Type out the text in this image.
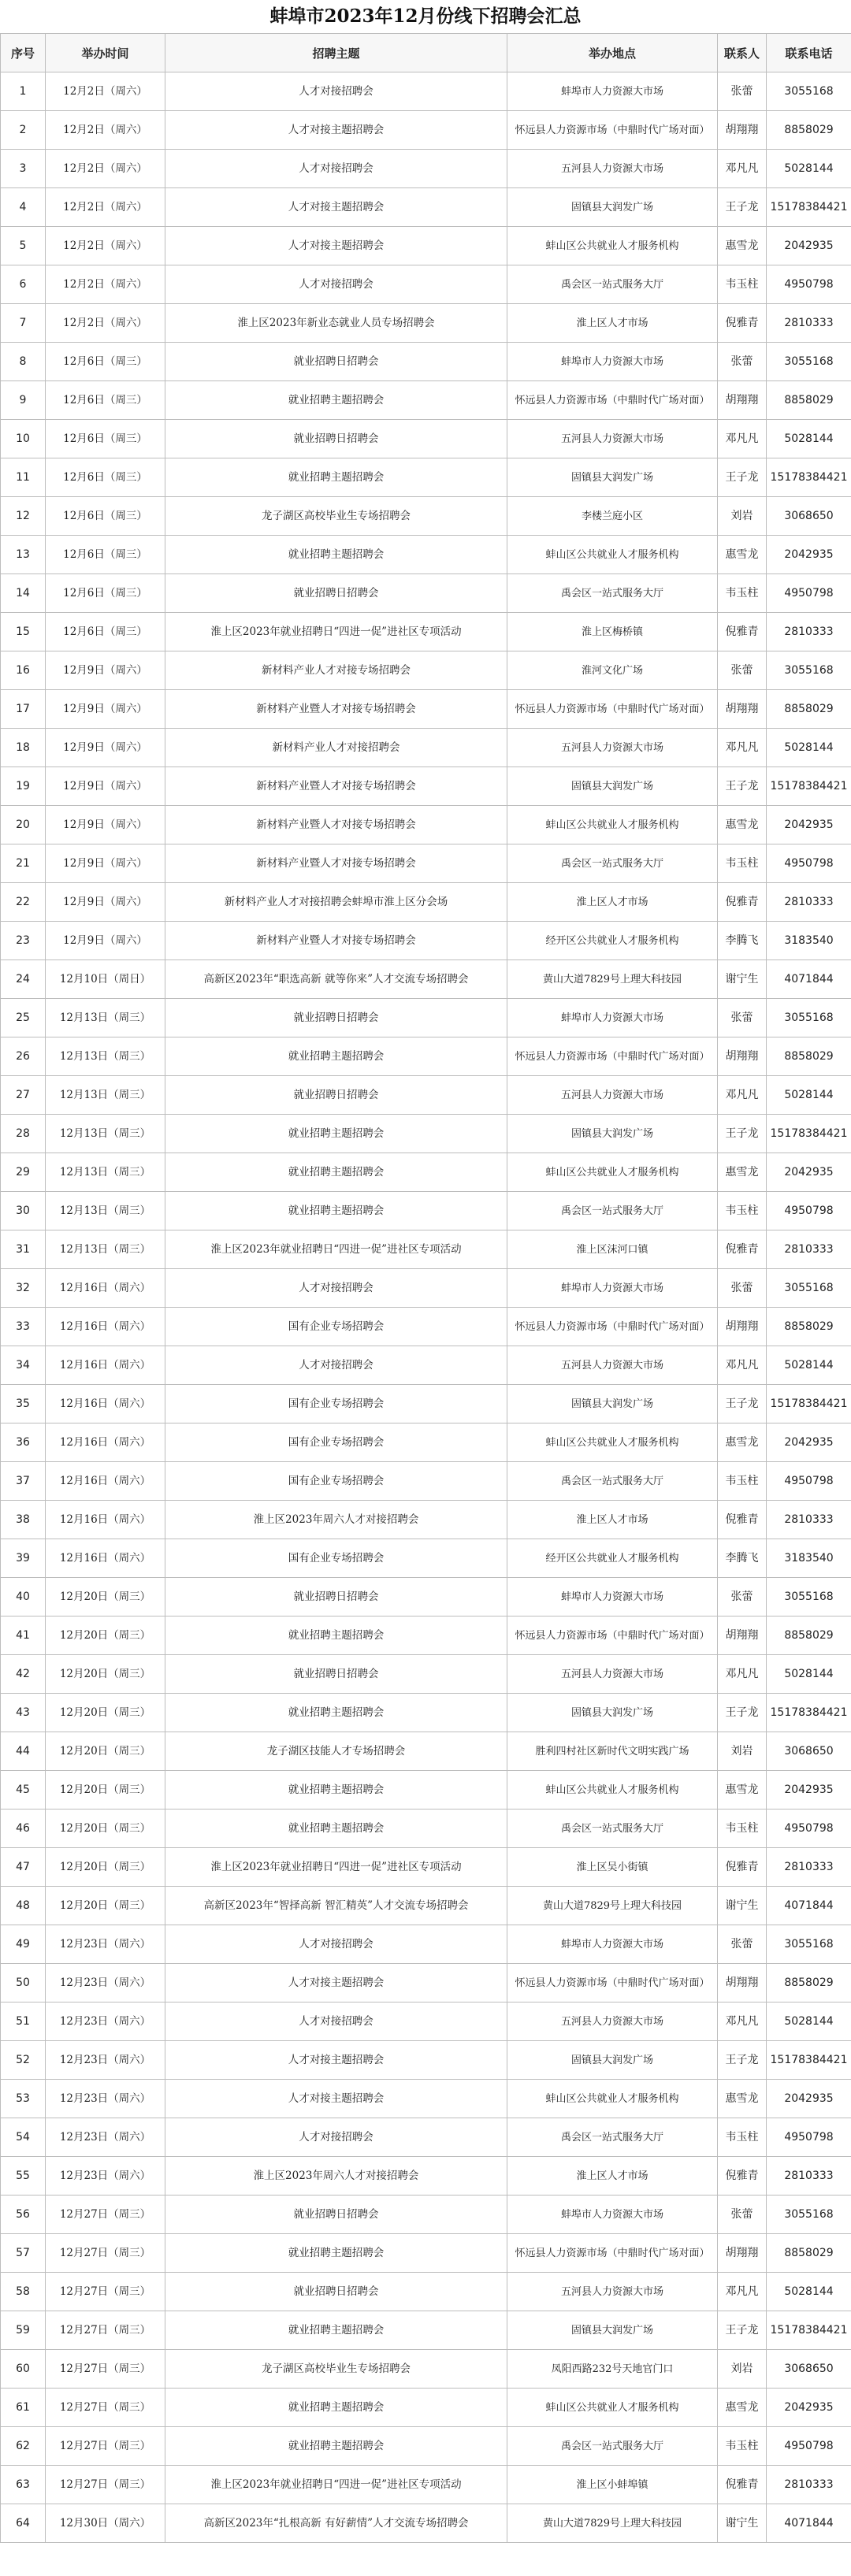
蚌埠市2023年12月份线下招聘会汇总
序号	举办时间	招聘主题	举办地点	联系人	联系电话
1	12月2日（周六）	人才对接招聘会	蚌埠市人力资源大市场	张蕾	3055168
2	12月2日（周六）	人才对接主题招聘会	怀远县人力资源市场（中鼎时代广场对面）	胡翔翔	8858029
3	12月2日（周六）	人才对接招聘会	五河县人力资源大市场	邓凡凡	5028144
4	12月2日（周六）	人才对接主题招聘会	固镇县大润发广场	王子龙	15178384421
5	12月2日（周六）	人才对接主题招聘会	蚌山区公共就业人才服务机构	惠雪龙	2042935
6	12月2日（周六）	人才对接招聘会	禹会区一站式服务大厅	韦玉柱	4950798
7	12月2日（周六）	淮上区2023年新业态就业人员专场招聘会	淮上区人才市场	倪雅青	2810333
8	12月6日（周三）	就业招聘日招聘会	蚌埠市人力资源大市场	张蕾	3055168
9	12月6日（周三）	就业招聘主题招聘会	怀远县人力资源市场（中鼎时代广场对面）	胡翔翔	8858029
10	12月6日（周三）	就业招聘日招聘会	五河县人力资源大市场	邓凡凡	5028144
11	12月6日（周三）	就业招聘主题招聘会	固镇县大润发广场	王子龙	15178384421
12	12月6日（周三）	龙子湖区高校毕业生专场招聘会	李楼兰庭小区	刘岩	3068650
13	12月6日（周三）	就业招聘主题招聘会	蚌山区公共就业人才服务机构	惠雪龙	2042935
14	12月6日（周三）	就业招聘日招聘会	禹会区一站式服务大厅	韦玉柱	4950798
15	12月6日（周三）	淮上区2023年就业招聘日“四进一促”进社区专项活动	淮上区梅桥镇	倪雅青	2810333
16	12月9日（周六）	新材料产业人才对接专场招聘会	淮河文化广场	张蕾	3055168
17	12月9日（周六）	新材料产业暨人才对接专场招聘会	怀远县人力资源市场（中鼎时代广场对面）	胡翔翔	8858029
18	12月9日（周六）	新材料产业人才对接招聘会	五河县人力资源大市场	邓凡凡	5028144
19	12月9日（周六）	新材料产业暨人才对接专场招聘会	固镇县大润发广场	王子龙	15178384421
20	12月9日（周六）	新材料产业暨人才对接专场招聘会	蚌山区公共就业人才服务机构	惠雪龙	2042935
21	12月9日（周六）	新材料产业暨人才对接专场招聘会	禹会区一站式服务大厅	韦玉柱	4950798
22	12月9日（周六）	新材料产业人才对接招聘会蚌埠市淮上区分会场	淮上区人才市场	倪雅青	2810333
23	12月9日（周六）	新材料产业暨人才对接专场招聘会	经开区公共就业人才服务机构	李腾飞	3183540
24	12月10日（周日）	高新区2023年“职选高新 就等你来”人才交流专场招聘会	黄山大道7829号上理大科技园	谢宁生	4071844
25	12月13日（周三）	就业招聘日招聘会	蚌埠市人力资源大市场	张蕾	3055168
26	12月13日（周三）	就业招聘主题招聘会	怀远县人力资源市场（中鼎时代广场对面）	胡翔翔	8858029
27	12月13日（周三）	就业招聘日招聘会	五河县人力资源大市场	邓凡凡	5028144
28	12月13日（周三）	就业招聘主题招聘会	固镇县大润发广场	王子龙	15178384421
29	12月13日（周三）	就业招聘主题招聘会	蚌山区公共就业人才服务机构	惠雪龙	2042935
30	12月13日（周三）	就业招聘主题招聘会	禹会区一站式服务大厅	韦玉柱	4950798
31	12月13日（周三）	淮上区2023年就业招聘日“四进一促”进社区专项活动	淮上区沫河口镇	倪雅青	2810333
32	12月16日（周六）	人才对接招聘会	蚌埠市人力资源大市场	张蕾	3055168
33	12月16日（周六）	国有企业专场招聘会	怀远县人力资源市场（中鼎时代广场对面）	胡翔翔	8858029
34	12月16日（周六）	人才对接招聘会	五河县人力资源大市场	邓凡凡	5028144
35	12月16日（周六）	国有企业专场招聘会	固镇县大润发广场	王子龙	15178384421
36	12月16日（周六）	国有企业专场招聘会	蚌山区公共就业人才服务机构	惠雪龙	2042935
37	12月16日（周六）	国有企业专场招聘会	禹会区一站式服务大厅	韦玉柱	4950798
38	12月16日（周六）	淮上区2023年周六人才对接招聘会	淮上区人才市场	倪雅青	2810333
39	12月16日（周六）	国有企业专场招聘会	经开区公共就业人才服务机构	李腾飞	3183540
40	12月20日（周三）	就业招聘日招聘会	蚌埠市人力资源大市场	张蕾	3055168
41	12月20日（周三）	就业招聘主题招聘会	怀远县人力资源市场（中鼎时代广场对面）	胡翔翔	8858029
42	12月20日（周三）	就业招聘日招聘会	五河县人力资源大市场	邓凡凡	5028144
43	12月20日（周三）	就业招聘主题招聘会	固镇县大润发广场	王子龙	15178384421
44	12月20日（周三）	龙子湖区技能人才专场招聘会	胜利四村社区新时代文明实践广场	刘岩	3068650
45	12月20日（周三）	就业招聘主题招聘会	蚌山区公共就业人才服务机构	惠雪龙	2042935
46	12月20日（周三）	就业招聘主题招聘会	禹会区一站式服务大厅	韦玉柱	4950798
47	12月20日（周三）	淮上区2023年就业招聘日“四进一促”进社区专项活动	淮上区吴小街镇	倪雅青	2810333
48	12月20日（周三）	高新区2023年“智择高新 智汇精英”人才交流专场招聘会	黄山大道7829号上理大科技园	谢宁生	4071844
49	12月23日（周六）	人才对接招聘会	蚌埠市人力资源大市场	张蕾	3055168
50	12月23日（周六）	人才对接主题招聘会	怀远县人力资源市场（中鼎时代广场对面）	胡翔翔	8858029
51	12月23日（周六）	人才对接招聘会	五河县人力资源大市场	邓凡凡	5028144
52	12月23日（周六）	人才对接主题招聘会	固镇县大润发广场	王子龙	15178384421
53	12月23日（周六）	人才对接主题招聘会	蚌山区公共就业人才服务机构	惠雪龙	2042935
54	12月23日（周六）	人才对接招聘会	禹会区一站式服务大厅	韦玉柱	4950798
55	12月23日（周六）	淮上区2023年周六人才对接招聘会	淮上区人才市场	倪雅青	2810333
56	12月27日（周三）	就业招聘日招聘会	蚌埠市人力资源大市场	张蕾	3055168
57	12月27日（周三）	就业招聘主题招聘会	怀远县人力资源市场（中鼎时代广场对面）	胡翔翔	8858029
58	12月27日（周三）	就业招聘日招聘会	五河县人力资源大市场	邓凡凡	5028144
59	12月27日（周三）	就业招聘主题招聘会	固镇县大润发广场	王子龙	15178384421
60	12月27日（周三）	龙子湖区高校毕业生专场招聘会	凤阳西路232号天地官门口	刘岩	3068650
61	12月27日（周三）	就业招聘主题招聘会	蚌山区公共就业人才服务机构	惠雪龙	2042935
62	12月27日（周三）	就业招聘主题招聘会	禹会区一站式服务大厅	韦玉柱	4950798
63	12月27日（周三）	淮上区2023年就业招聘日“四进一促”进社区专项活动	淮上区小蚌埠镇	倪雅青	2810333
64	12月30日（周六）	高新区2023年“扎根高新 有好薪情”人才交流专场招聘会	黄山大道7829号上理大科技园	谢宁生	4071844
